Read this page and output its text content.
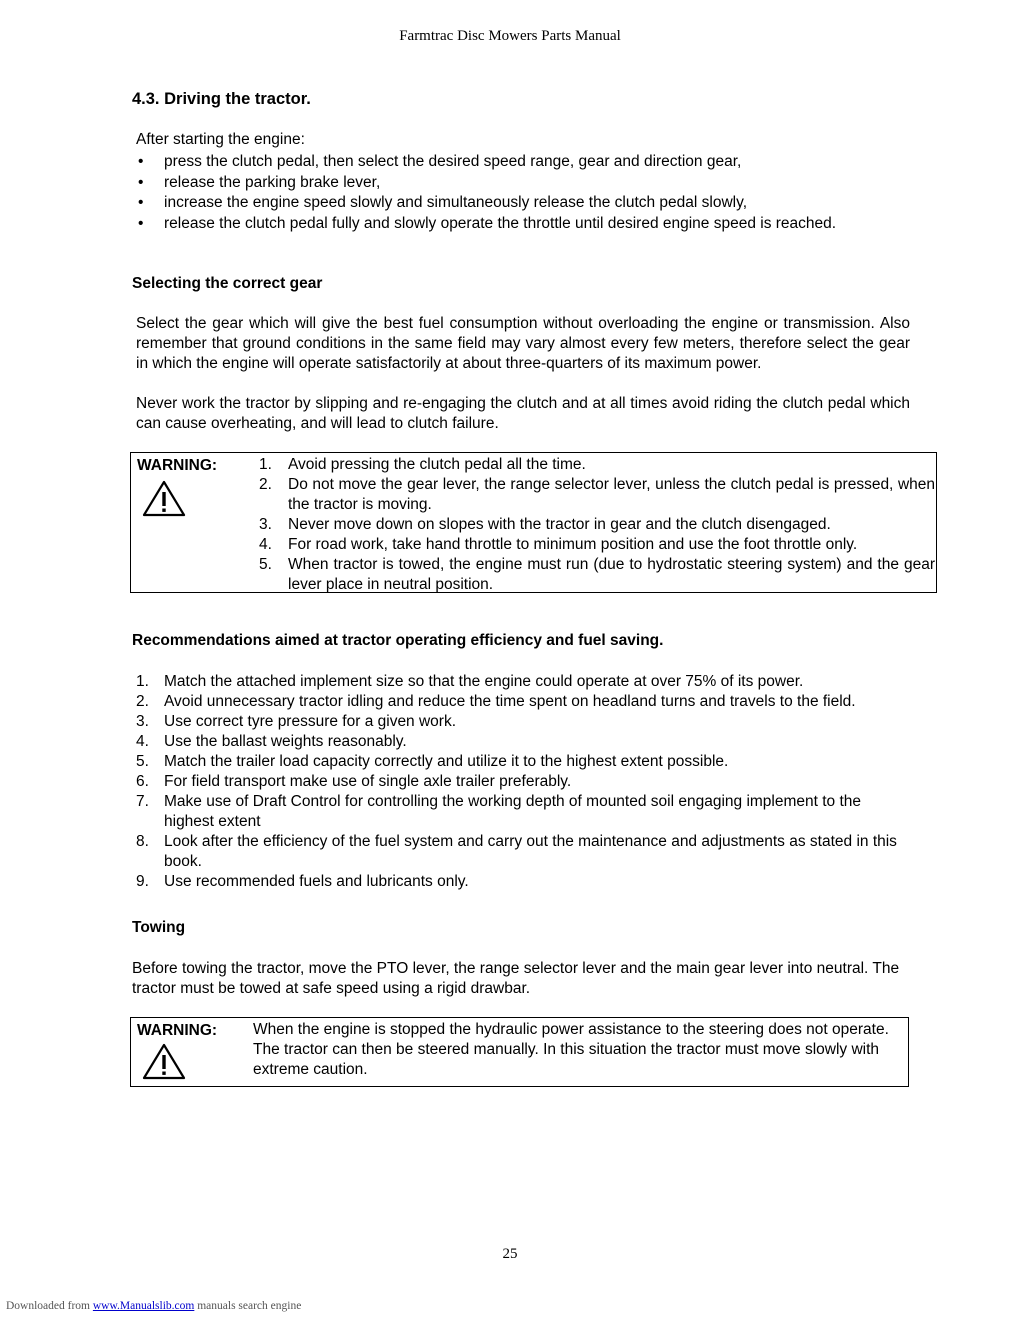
Farmtrac Disc Mowers Parts Manual
4.3. Driving the tractor.
After starting the engine:
• press the clutch pedal, then select the desired speed range, gear and direction gear,
• release the parking brake lever,
• increase the engine speed slowly and simultaneously release the clutch pedal slowly,
• release the clutch pedal fully and slowly operate the throttle until desired engine speed is reached.
Selecting the correct gear

Select the gear which will give the best fuel consumption without overloading the engine or transmission. Also remember that ground conditions in the same field may vary almost every few meters, therefore select the gear in which the engine will operate satisfactorily at about three-quarters of its maximum power.

Never work the tractor by slipping and re-engaging the clutch and at all times avoid riding the clutch pedal which can cause overheating, and will lead to clutch failure.

WARNING:	1. Avoid pressing the clutch pedal all the time.
2. Do not move the gear lever, the range selector lever, unless the clutch pedal is pressed, when the tractor is moving.
3. Never move down on slopes with the tractor in gear and the clutch disengaged.
4. For road work, take hand throttle to minimum position and use the foot throttle only.
5. When tractor is towed, the engine must run (due to hydrostatic steering system) and the gear lever place in neutral position.
Recommendations aimed at tractor operating efficiency and fuel saving.
1. Match the attached implement size so that the engine could operate at over 75% of its power.
2. Avoid unnecessary tractor idling and reduce the time spent on headland turns and travels to the field.
3. Use correct tyre pressure for a given work.
4. Use the ballast weights reasonably.
5. Match the trailer load capacity correctly and utilize it to the highest extent possible.
6. For field transport make use of single axle trailer preferably.
7. Make use of Draft Control for controlling the working depth of mounted soil engaging implement to the highest extent
8. Look after the efficiency of the fuel system and carry out the maintenance and adjustments as stated in this book.
9. Use recommended fuels and lubricants only.
Towing

Before towing the tractor, move the PTO lever, the range selector lever and the main gear lever into neutral. The tractor must be towed at safe speed using a rigid drawbar.

WARNING: When the engine is stopped the hydraulic power assistance to the steering does not operate. The tractor can then be steered manually. In this situation the tractor must move slowly with extreme caution.
25
Downloaded from www.Manualslib.com manuals search engine
